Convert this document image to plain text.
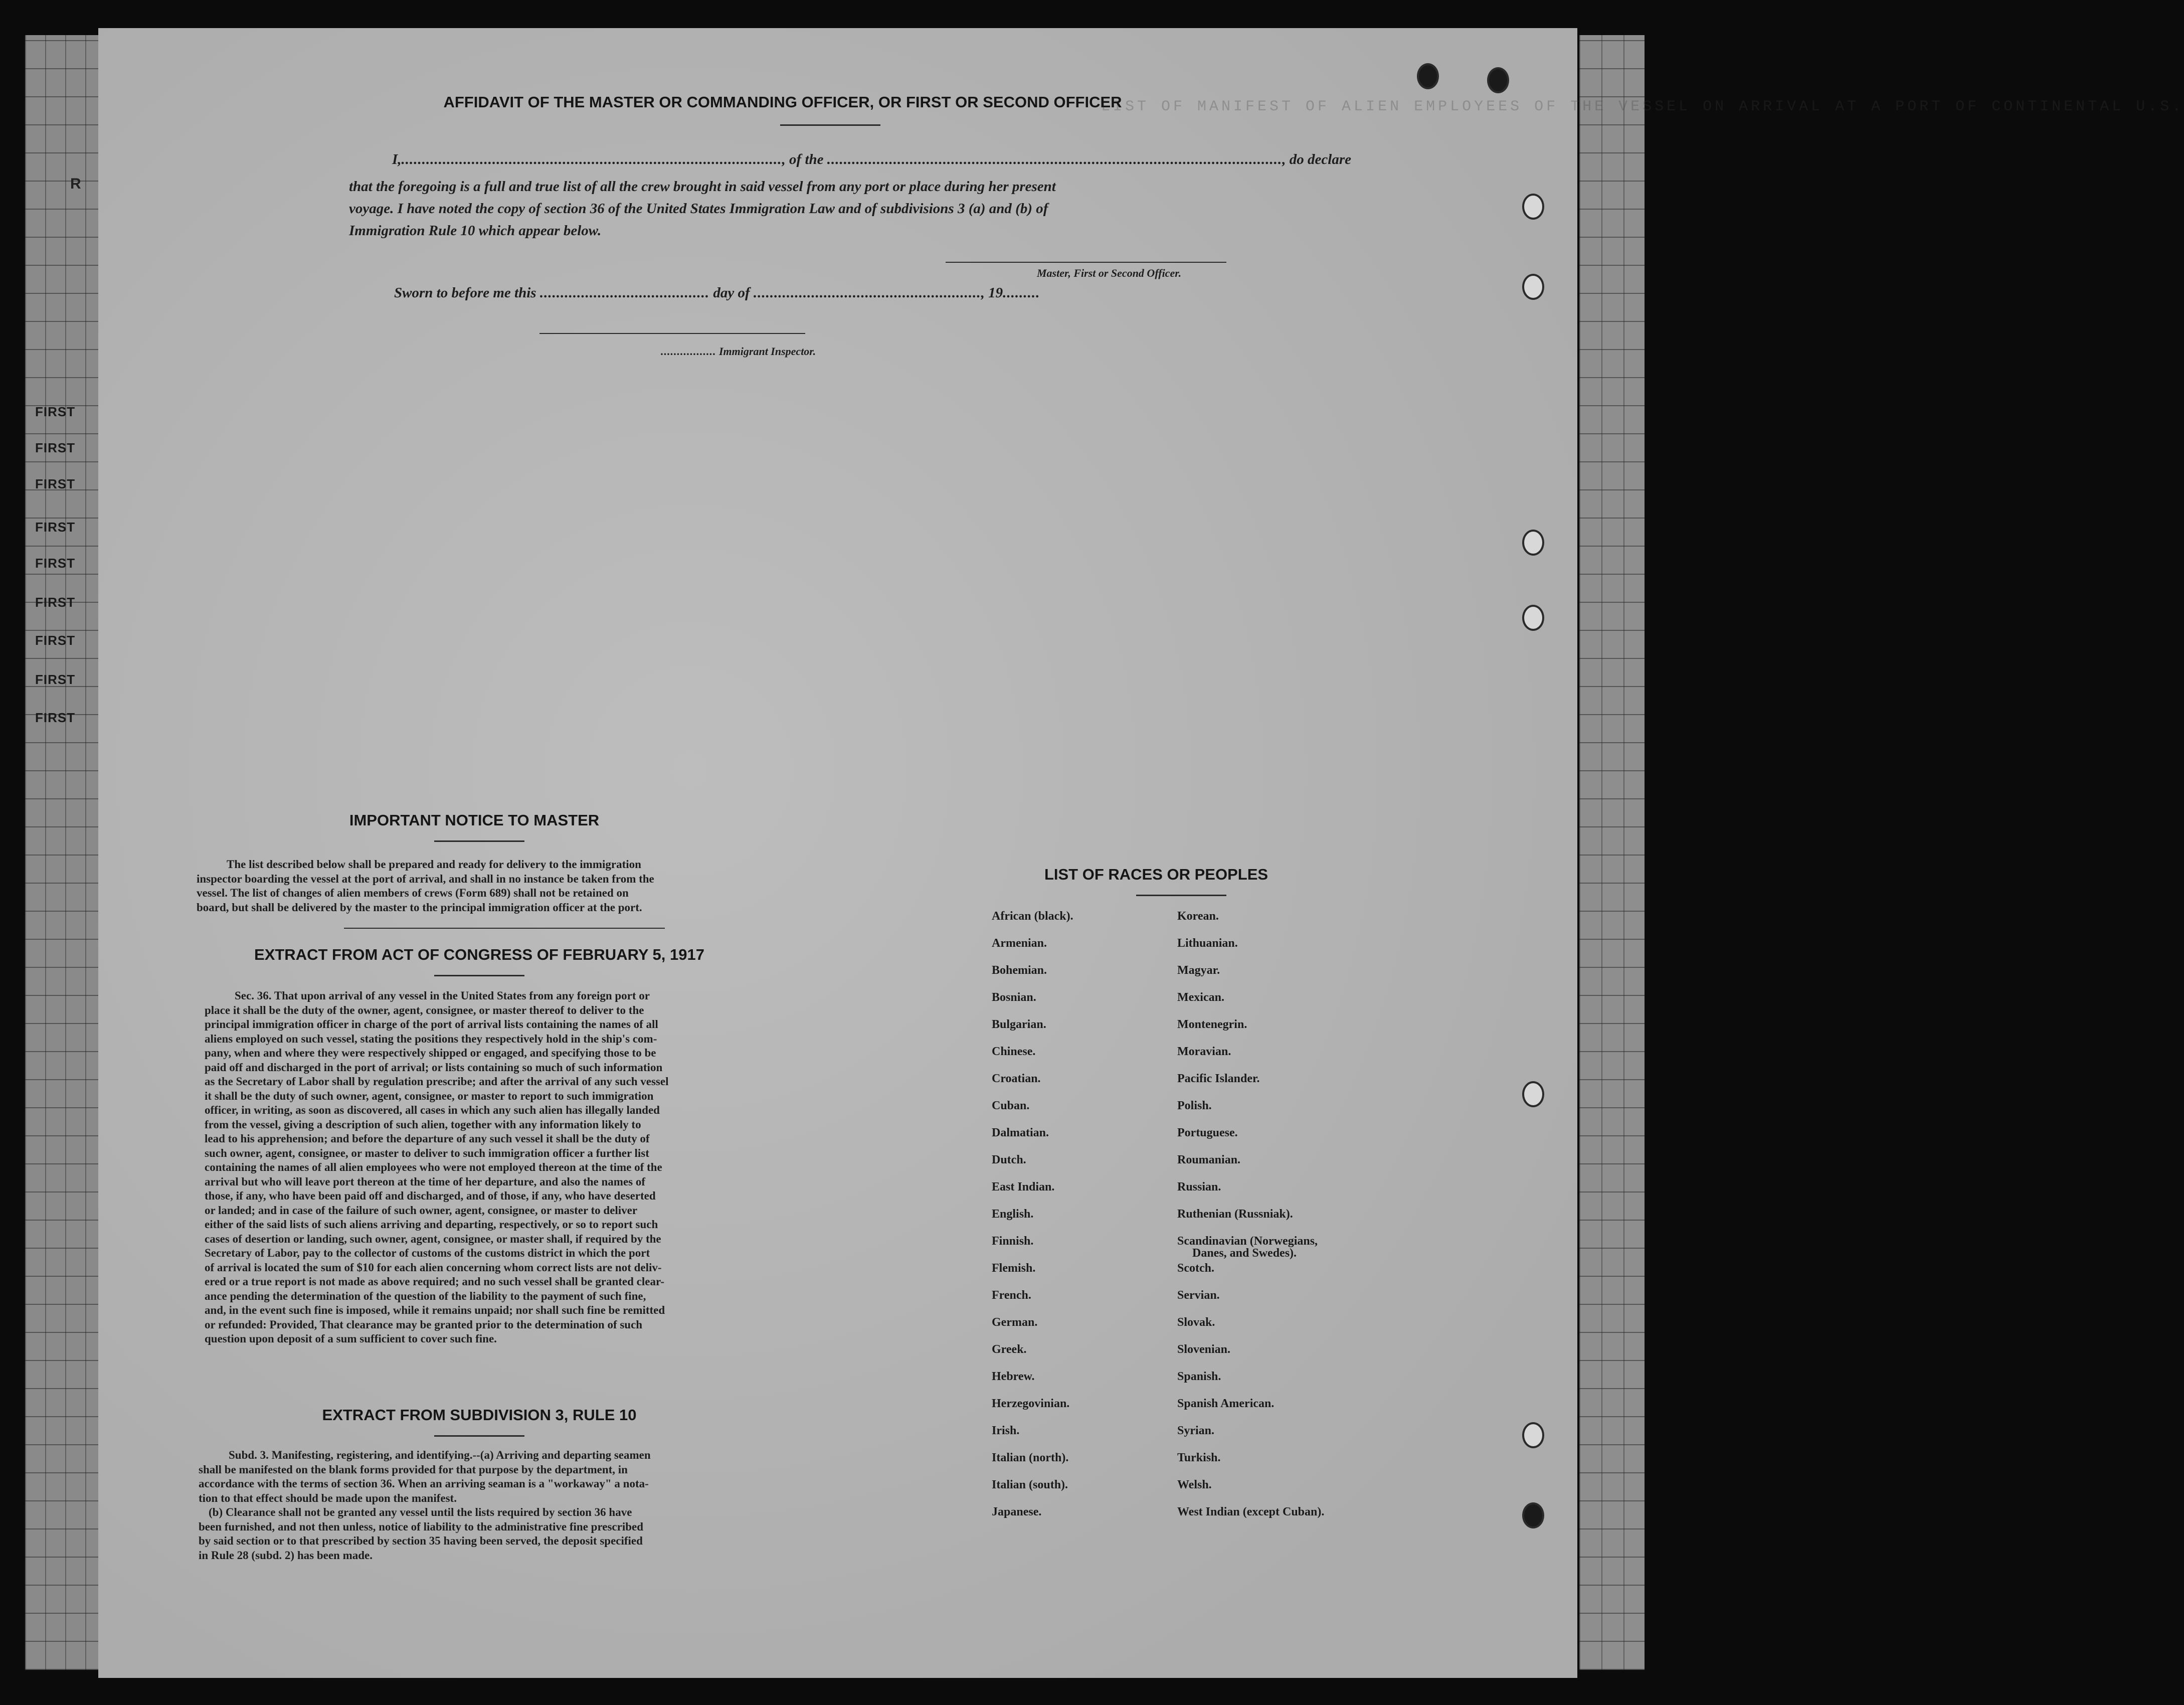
R
FIRST
FIRST
FIRST
FIRST
FIRST
FIRST
FIRST
FIRST
FIRST
LIST OF MANIFEST OF ALIEN EMPLOYEES OF THE VESSEL ON ARRIVAL AT A PORT OF CONTINENTAL U.S.
AFFIDAVIT OF THE MASTER OR COMMANDING OFFICER, OR FIRST OR SECOND OFFICER
I,............................................................................................, of the .............................................................................................................., do declare
that the foregoing is a full and true list of all the crew brought in said vessel from any port or place during her present
voyage. I have noted the copy of section 36 of the United States Immigration Law and of subdivisions 3 (a) and (b) of
Immigration Rule 10 which appear below.
Master, First or Second Officer.
Sworn to before me this ......................................... day of ......................................................., 19.........
................. Immigrant Inspector.
IMPORTANT NOTICE TO MASTER
The list described below shall be prepared and ready for delivery to the immigration
inspector boarding the vessel at the port of arrival, and shall in no instance be taken from the
vessel. The list of changes of alien members of crews (Form 689) shall not be retained on
board, but shall be delivered by the master to the principal immigration officer at the port.
EXTRACT FROM ACT OF CONGRESS OF FEBRUARY 5, 1917
Sec. 36. That upon arrival of any vessel in the United States from any foreign port or
place it shall be the duty of the owner, agent, consignee, or master thereof to deliver to the
principal immigration officer in charge of the port of arrival lists containing the names of all
aliens employed on such vessel, stating the positions they respectively hold in the ship's com-
pany, when and where they were respectively shipped or engaged, and specifying those to be
paid off and discharged in the port of arrival; or lists containing so much of such information
as the Secretary of Labor shall by regulation prescribe; and after the arrival of any such vessel
it shall be the duty of such owner, agent, consignee, or master to report to such immigration
officer, in writing, as soon as discovered, all cases in which any such alien has illegally landed
from the vessel, giving a description of such alien, together with any information likely to
lead to his apprehension; and before the departure of any such vessel it shall be the duty of
such owner, agent, consignee, or master to deliver to such immigration officer a further list
containing the names of all alien employees who were not employed thereon at the time of the
arrival but who will leave port thereon at the time of her departure, and also the names of
those, if any, who have been paid off and discharged, and of those, if any, who have deserted
or landed; and in case of the failure of such owner, agent, consignee, or master to deliver
either of the said lists of such aliens arriving and departing, respectively, or so to report such
cases of desertion or landing, such owner, agent, consignee, or master shall, if required by the
Secretary of Labor, pay to the collector of customs of the customs district in which the port
of arrival is located the sum of $10 for each alien concerning whom correct lists are not deliv-
ered or a true report is not made as above required; and no such vessel shall be granted clear-
ance pending the determination of the question of the liability to the payment of such fine,
and, in the event such fine is imposed, while it remains unpaid; nor shall such fine be remitted
or refunded: Provided, That clearance may be granted prior to the determination of such
question upon deposit of a sum sufficient to cover such fine.
EXTRACT FROM SUBDIVISION 3, RULE 10
Subd. 3. Manifesting, registering, and identifying.--(a) Arriving and departing seamen
shall be manifested on the blank forms provided for that purpose by the department, in
accordance with the terms of section 36. When an arriving seaman is a "workaway" a nota-
tion to that effect should be made upon the manifest.
(b) Clearance shall not be granted any vessel until the lists required by section 36 have
been furnished, and not then unless, notice of liability to the administrative fine prescribed
by said section or to that prescribed by section 35 having been served, the deposit specified
in Rule 28 (subd. 2) has been made.
LIST OF RACES OR PEOPLES
African (black).
Armenian.
Bohemian.
Bosnian.
Bulgarian.
Chinese.
Croatian.
Cuban.
Dalmatian.
Dutch.
East Indian.
English.
Finnish.
Flemish.
French.
German.
Greek.
Hebrew.
Herzegovinian.
Irish.
Italian (north).
Italian (south).
Japanese.
Korean.
Lithuanian.
Magyar.
Mexican.
Montenegrin.
Moravian.
Pacific Islander.
Polish.
Portuguese.
Roumanian.
Russian.
Ruthenian (Russniak).
Scandinavian (Norwegians,
Danes, and Swedes).
Scotch.
Servian.
Slovak.
Slovenian.
Spanish.
Spanish American.
Syrian.
Turkish.
Welsh.
West Indian (except Cuban).
